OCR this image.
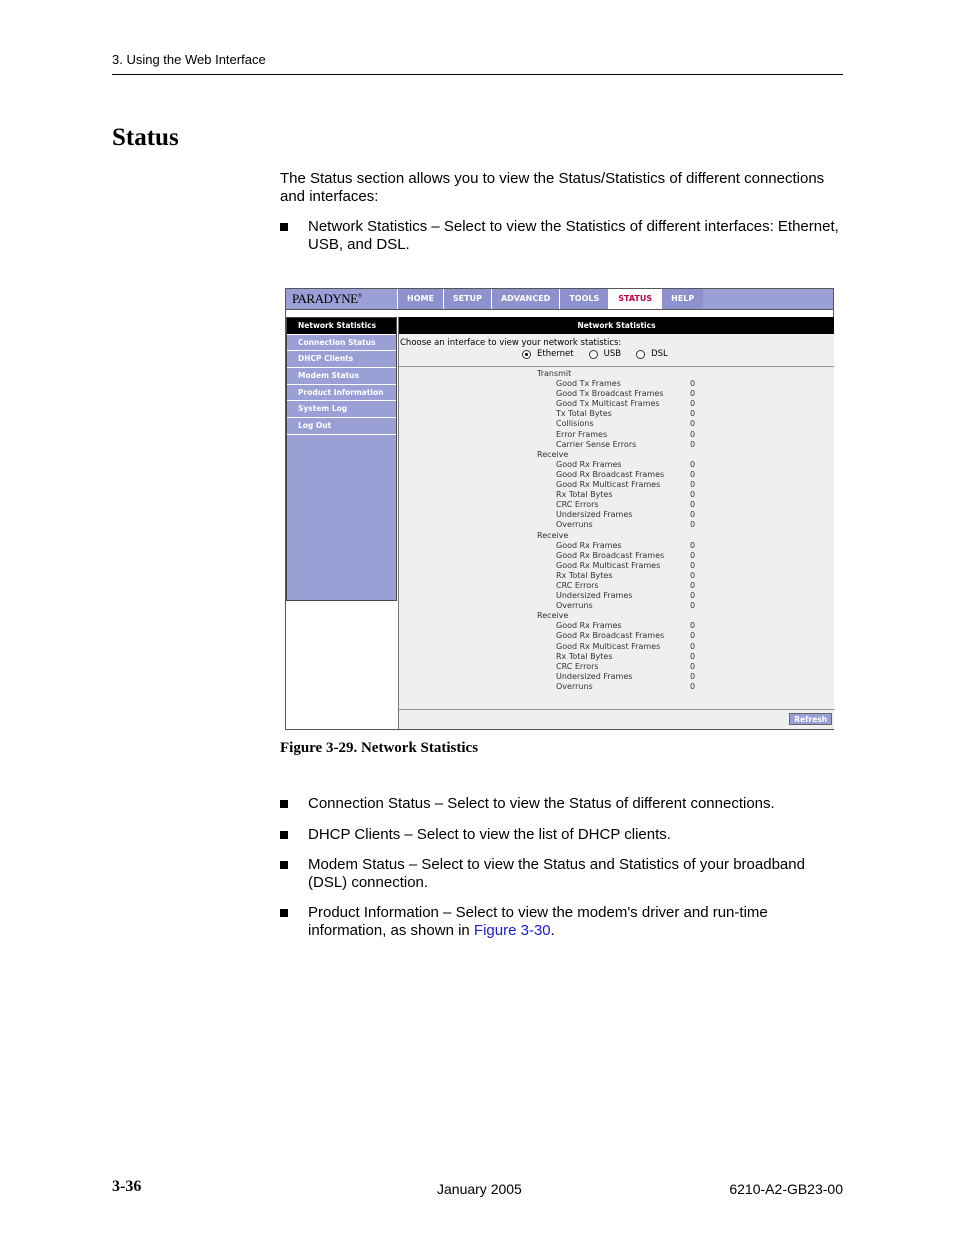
3. Using the Web Interface
Status
The Status section allows you to view the Status/Statistics of different connections and interfaces:
Network Statistics – Select to view the Statistics of different interfaces: Ethernet, USB, and DSL.
PARADYNE®	HOME	SETUP	ADVANCED	TOOLS	STATUS	HELP
Network Statistics
Connection Status
DHCP Clients
Modem Status
Product Information
System Log
Log Out
Network Statistics
Choose an interface to view your network statistics:
Ethernet	USB	DSL
Transmit
Good Tx Frames	0
Good Tx Broadcast Frames	0
Good Tx Multicast Frames	0
Tx Total Bytes	0
Collisions	0
Error Frames	0
Carrier Sense Errors	0
Receive
Good Rx Frames	0
Good Rx Broadcast Frames	0
Good Rx Multicast Frames	0
Rx Total Bytes	0
CRC Errors	0
Undersized Frames	0
Overruns	0
Receive
Good Rx Frames	0
Good Rx Broadcast Frames	0
Good Rx Multicast Frames	0
Rx Total Bytes	0
CRC Errors	0
Undersized Frames	0
Overruns	0
Receive
Good Rx Frames	0
Good Rx Broadcast Frames	0
Good Rx Multicast Frames	0
Rx Total Bytes	0
CRC Errors	0
Undersized Frames	0
Overruns	0
Refresh
Figure 3-29. Network Statistics
Connection Status – Select to view the Status of different connections.
DHCP Clients – Select to view the list of DHCP clients.
Modem Status – Select to view the Status and Statistics of your broadband (DSL) connection.
Product Information – Select to view the modem's driver and run-time information, as shown in Figure 3-30.
3-36	January 2005	6210-A2-GB23-00
